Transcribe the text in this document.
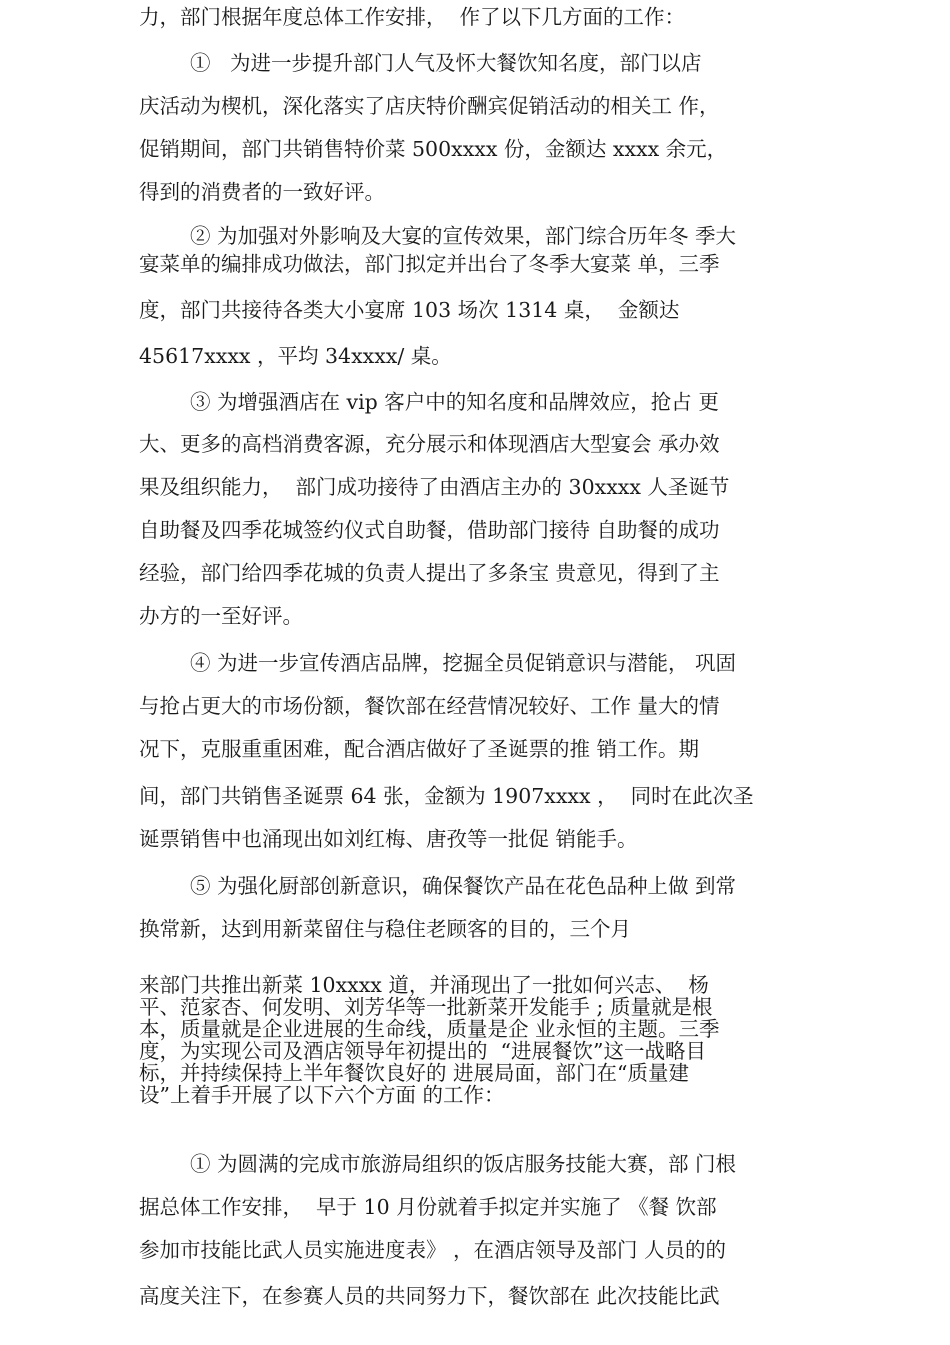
力，部门根据年度总体工作安排，  作了以下几方面的工作：
①   为进一步提升部门人气及怀大餐饮知名度，部门以店
庆活动为楔机，深化落实了店庆特价酬宾促销活动的相关工 作，
促销期间，部门共销售特价菜 500xxxx 份，金额达 xxxx 余元，
得到的消费者的一致好评。
② 为加强对外影响及大宴的宣传效果，部门综合历年冬 季大
宴菜单的编排成功做法，部门拟定并出台了冬季大宴菜 单，三季
度，部门共接待各类大小宴席 103 场次 1314 桌，  金额达
45617xxxx ，平均 34xxxx/ 桌。
③ 为增强酒店在 vip 客户中的知名度和品牌效应，抢占 更
大、更多的高档消费客源，充分展示和体现酒店大型宴会 承办效
果及组织能力，  部门成功接待了由酒店主办的 30xxxx 人圣诞节
自助餐及四季花城签约仪式自助餐，借助部门接待 自助餐的成功
经验，部门给四季花城的负责人提出了多条宝 贵意见，得到了主
办方的一至好评。
④ 为进一步宣传酒店品牌，挖掘全员促销意识与潜能， 巩固
与抢占更大的市场份额，餐饮部在经营情况较好、工作 量大的情
况下，克服重重困难，配合酒店做好了圣诞票的推 销工作。期
间，部门共销售圣诞票 64 张，金额为 1907xxxx ，  同时在此次圣
诞票销售中也涌现出如刘红梅、唐孜等一批促 销能手。
⑤ 为强化厨部创新意识，确保餐饮产品在花色品种上做 到常
换常新，达到用新菜留住与稳住老顾客的目的，三个月
来部门共推出新菜 10xxxx 道，并涌现出了一批如何兴志、  杨
平、范家杏、何发明、刘芳华等一批新菜开发能手 ; 质量就是根
本，质量就是企业进展的生命线，质量是企 业永恒的主题。三季
度，为实现公司及酒店领导年初提出的  “进展餐饮”这一战略目
标，并持续保持上半年餐饮良好的 进展局面，部门在“质量建
设”上着手开展了以下六个方面 的工作：
① 为圆满的完成市旅游局组织的饭店服务技能大赛，部 门根
据总体工作安排，  早于 10 月份就着手拟定并实施了 《餐 饮部
参加市技能比武人员实施进度表》 ，在酒店领导及部门 人员的的
高度关注下，在参赛人员的共同努力下，餐饮部在 此次技能比武
